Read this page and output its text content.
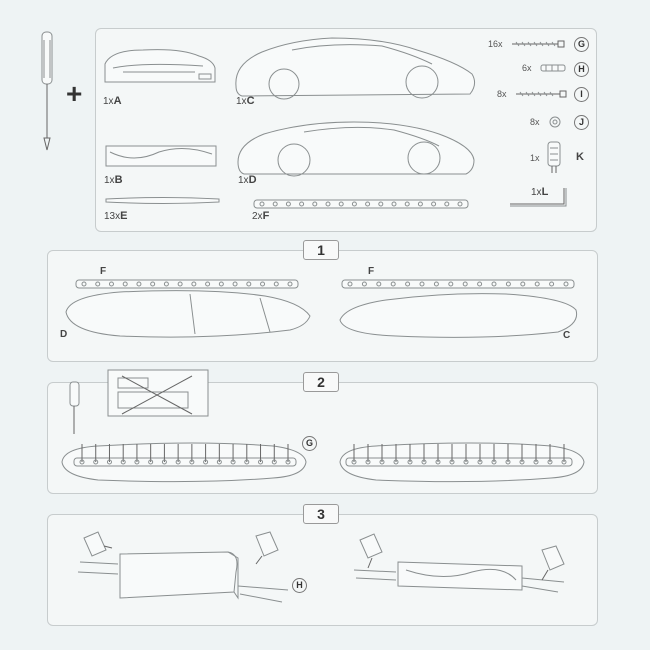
+ 1xA	1xC
1xB	1xD
13xE	2xF
16x	G
6x	H
8x	I
8x	J
1x	K
1xL
1
F
D
F
C
2
G
3
H
